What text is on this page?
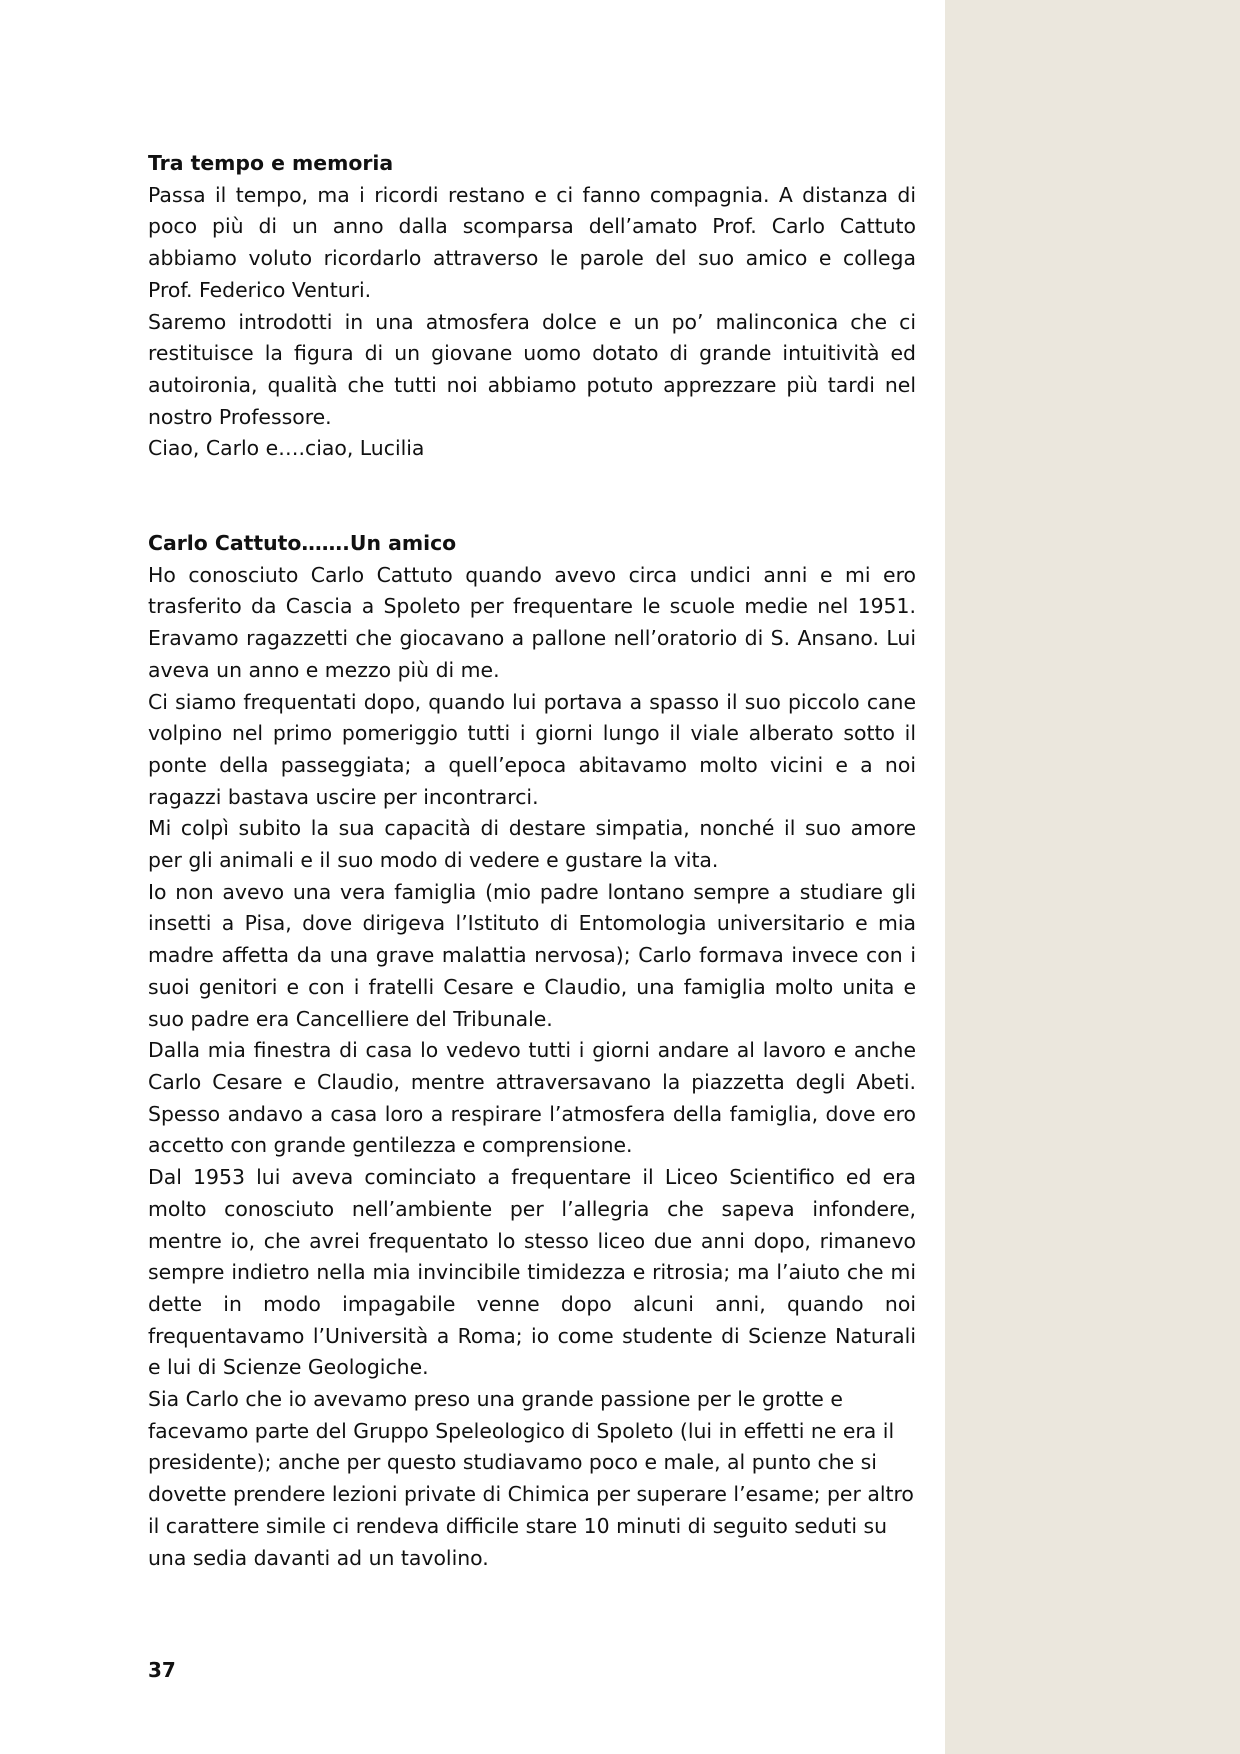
Tra tempo e memoria

Passa il tempo, ma i ricordi restano e ci fanno compagnia. A distanza di poco più di un anno dalla scomparsa dell’amato Prof. Carlo Cattuto abbiamo voluto ricordarlo attraverso le parole del suo amico e collega Prof. Federico Venturi.

Saremo introdotti in una atmosfera dolce e un po’ malinconica che ci restituisce la figura di un giovane uomo dotato di grande intuitività ed autoironia, qualità che tutti noi abbiamo potuto apprezzare più tardi nel nostro Professore.

Ciao, Carlo e….ciao, Lucilia

Carlo Cattuto…….Un amico

Ho conosciuto Carlo Cattuto quando avevo circa undici anni e mi ero trasferito da Cascia a Spoleto per frequentare le scuole medie nel 1951. Eravamo ragazzetti che giocavano a pallone nell’oratorio di S. Ansano. Lui aveva un anno e mezzo più di me.

Ci siamo frequentati dopo, quando lui portava a spasso il suo piccolo cane volpino nel primo pomeriggio tutti i giorni lungo il viale alberato sotto il ponte della passeggiata; a quell’epoca abitavamo molto vicini e a noi ragazzi bastava uscire per incontrarci.

Mi colpì subito la sua capacità di destare simpatia, nonché il suo amore per gli animali e il suo modo di vedere e gustare la vita.

Io non avevo una vera famiglia (mio padre lontano sempre a studiare gli insetti a Pisa, dove dirigeva l’Istituto di Entomologia universitario e mia madre affetta da una grave malattia nervosa); Carlo formava invece con i suoi genitori e con i fratelli Cesare e Claudio, una famiglia molto unita e suo padre era Cancelliere del Tribunale.

Dalla mia finestra di casa lo vedevo tutti i giorni andare al lavoro e anche Carlo Cesare e Claudio, mentre attraversavano la piazzetta degli Abeti. Spesso andavo a casa loro a respirare l’atmosfera della famiglia, dove ero accetto con grande gentilezza e comprensione.

Dal 1953 lui aveva cominciato a frequentare il Liceo Scientifico ed era molto conosciuto nell’ambiente per l’allegria che sapeva infondere, mentre io, che avrei frequentato lo stesso liceo due anni dopo, rimanevo sempre indietro nella mia invincibile timidezza e ritrosia; ma l’aiuto che mi dette in modo impagabile venne dopo alcuni anni, quando noi frequentavamo l’Università a Roma; io come studente di Scienze Naturali e lui di Scienze Geologiche.

Sia Carlo che io avevamo preso una grande passione per le grotte e facevamo parte del Gruppo Speleologico di Spoleto (lui in effetti ne era il presidente); anche per questo studiavamo poco e male, al punto che si dovette prendere lezioni private di Chimica per superare l’esame; per altro il carattere simile ci rendeva difficile stare 10 minuti di seguito seduti su una sedia davanti ad un tavolino.

37
